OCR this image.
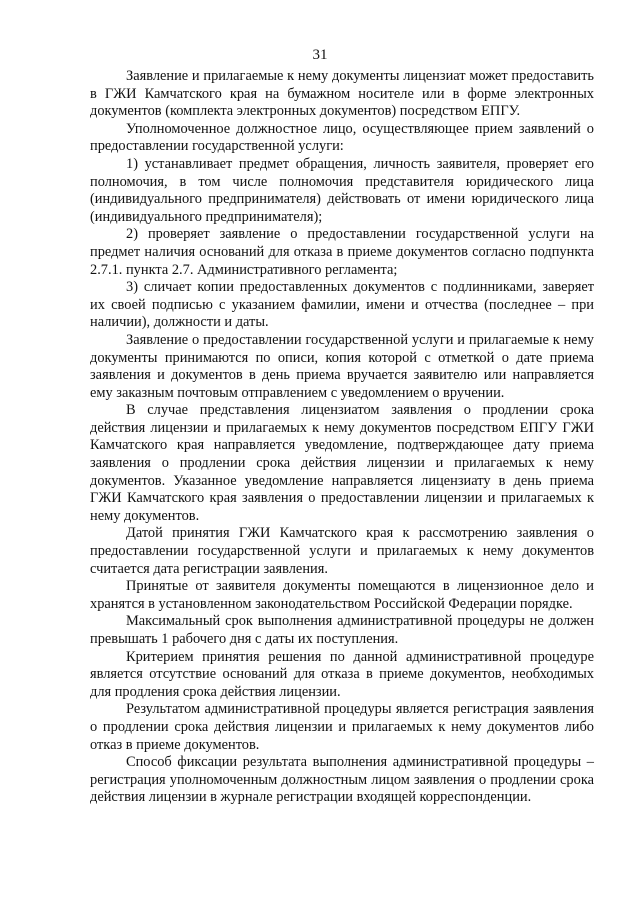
31

Заявление и прилагаемые к нему документы лицензиат может предоставить в ГЖИ Камчатского края на бумажном носителе или в форме электронных документов (комплекта электронных документов) посредством ЕПГУ.

Уполномоченное должностное лицо, осуществляющее прием заявлений о предоставлении государственной услуги:

1) устанавливает предмет обращения, личность заявителя, проверяет его полномочия, в том числе полномочия представителя юридического лица (индивидуального предпринимателя) действовать от имени юридического лица (индивидуального предпринимателя);

2) проверяет заявление о предоставлении государственной услуги на предмет наличия оснований для отказа в приеме документов согласно подпункта 2.7.1. пункта 2.7. Административного регламента;

3) сличает копии предоставленных документов с подлинниками, заверяет их своей подписью с указанием фамилии, имени и отчества (последнее – при наличии), должности и даты.

Заявление о предоставлении государственной услуги и прилагаемые к нему документы принимаются по описи, копия которой с отметкой о дате приема заявления и документов в день приема вручается заявителю или направляется ему заказным почтовым отправлением с уведомлением о вручении.

В случае представления лицензиатом заявления о продлении срока действия лицензии и прилагаемых к нему документов посредством ЕПГУ ГЖИ Камчатского края направляется уведомление, подтверждающее дату приема заявления о продлении срока действия лицензии и прилагаемых к нему документов. Указанное уведомление направляется лицензиату в день приема ГЖИ Камчатского края заявления о предоставлении лицензии и прилагаемых к нему документов.

Датой принятия ГЖИ Камчатского края к рассмотрению заявления о предоставлении государственной услуги и прилагаемых к нему документов считается дата регистрации заявления.

Принятые от заявителя документы помещаются в лицензионное дело и хранятся в установленном законодательством Российской Федерации порядке.

Максимальный срок выполнения административной процедуры не должен превышать 1 рабочего дня с даты их поступления.

Критерием принятия решения по данной административной процедуре является отсутствие оснований для отказа в приеме документов, необходимых для продления срока действия лицензии.

Результатом административной процедуры является регистрация заявления о продлении срока действия лицензии и прилагаемых к нему документов либо отказ в приеме документов.

Способ фиксации результата выполнения административной процедуры – регистрация уполномоченным должностным лицом заявления о продлении срока действия лицензии в журнале регистрации входящей корреспонденции.
